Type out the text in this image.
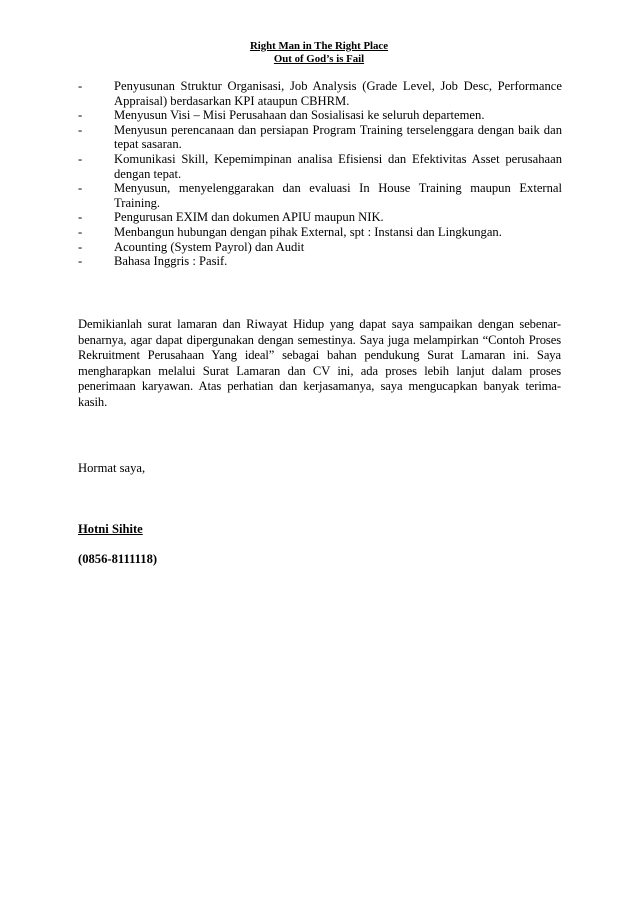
Right Man in The Right Place
Out of God’s is Fail
-	Penyusunan Struktur Organisasi, Job Analysis (Grade Level, Job Desc, Performance Appraisal) berdasarkan KPI ataupun CBHRM.
-	Menyusun Visi – Misi Perusahaan dan Sosialisasi ke seluruh departemen.
-	Menyusun perencanaan dan persiapan Program Training terselenggara dengan baik dan tepat sasaran.
-	Komunikasi Skill, Kepemimpinan analisa Efisiensi dan Efektivitas Asset perusahaan dengan tepat.
-	Menyusun, menyelenggarakan dan evaluasi In House Training maupun External Training.
-	Pengurusan EXIM dan dokumen APIU maupun NIK.
-	Menbangun hubungan dengan pihak External, spt : Instansi dan Lingkungan.
-	Acounting (System Payrol) dan Audit
-	Bahasa Inggris : Pasif.

Demikianlah surat lamaran dan Riwayat Hidup yang dapat saya sampaikan dengan sebenar-benarnya, agar dapat dipergunakan dengan semestinya. Saya juga melampirkan “Contoh Proses Rekruitment Perusahaan Yang ideal” sebagai bahan pendukung Surat Lamaran ini. Saya mengharapkan melalui Surat Lamaran dan CV ini, ada proses lebih lanjut dalam proses penerimaan karyawan. Atas perhatian dan kerjasamanya, saya mengucapkan banyak terima-kasih.

Hormat saya,

Hotni Sihite

(0856-8111118)
